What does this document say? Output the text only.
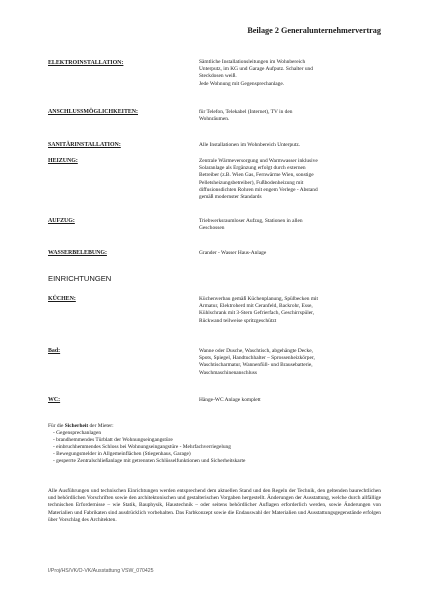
Beilage 2 Generalunternehmervertrag
ELEKTROINSTALLATION:	Sämtliche Installationsleitungen im Wohnbereich
Unterputz, im KG und Garage Aufputz. Schalter und
Steckdosen weiß.
Jede Wohnung mit Gegensprechanlage.
ANSCHLUSSMÖGLICHKEITEN:	für Telefon, Telekabel (Internet), TV in den
Wohnräumen.
SANITÄRINSTALLATION:	Alle Installationen im Wohnbereich Unterputz.
HEIZUNG:	Zentrale Wärmeversorgung und Warmwasser inklusive
Solaranlage als Ergänzung erfolgt durch externen
Betreiber (z.B. Wien Gas, Fernwärme Wien, sonstige
Pelletsheizungsbetreiber), Fußbodenheizung mit
diffusionsdichten Rohren mit engem Verlege - Abstand
gemäß modernster Standards
AUFZUG:	Triebwerksraumloser Aufzug, Stationen in allen
Geschossen
WASSERBELEBUNG:	Grander - Wasser Haus-Anlage
EINRICHTUNGEN
KÜCHEN:	Küchenverbau gemäß Küchenplanung, Spülbecken mit
Armatur, Elektroherd mit Ceranfeld, Backrohr, Esse,
Kühlschrank mit 3-Stern Gefrierfach, Geschirrspüler,
Rückwand teilweise spritzgeschützt
Bad:	Wanne oder Dusche, Waschtisch, abgehängte Decke,
Spots, Spiegel, Handtuchhalter – Sprossenheizkörper,
Waschtischarmatur, Wannenfüll- und Brausebatterie,
Waschmaschinenanschluss
WC:	Hänge-WC Anlage komplett
Für die Sicherheit der Mieter:
- Gegensprechanlagen
- brandhemmendes Türblatt der Wohnungseingangstüre
- einbruchhemmendes Schloss bei Wohnungseingangstüre - Mehrfachverriegelung
- Bewegungsmelder in Allgemeinflächen (Stiegenhaus, Garage)
- gesperrte Zentralschließanlage mit getrennten Schlüsselfunktionen und Sicherheitskarte
Alle Ausführungen und technischen Einrichtungen werden entsprechend dem aktuellen Stand und den Regeln der Technik, den geltenden baurechtlichen und behördlichen Vorschriften sowie den architektonischen und gestalterischen Vorgaben hergestellt. Änderungen der Ausstattung, welche durch allfällige technischen Erfordernisse – wie Statik, Bauphysik, Haustechnik – oder seitens behördlicher Auflagen erforderlich werden, sowie Änderungen von Materialien und Fabrikaten sind ausdrücklich vorbehalten. Das Farbkonzept sowie die Endauswahl der Materialien und Ausstattungsgegenstände erfolgen über Vorschlag des Architekten.
I/Proj/HS/VK/O-VK/Ausstattung VSW_070425
